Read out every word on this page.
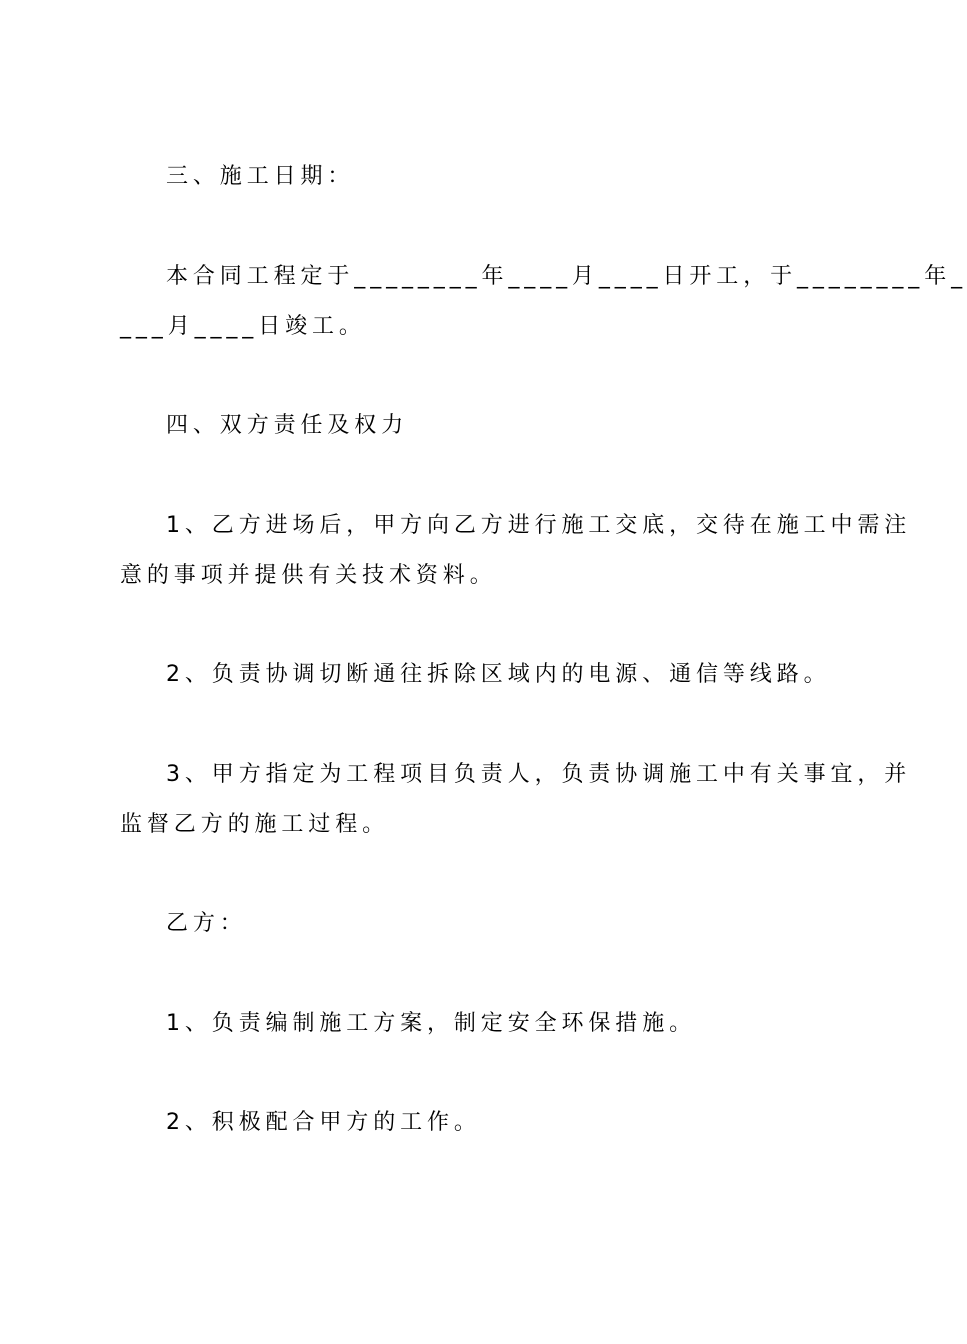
三、施工日期：
本合同工程定于________年____月____日开工，于________年_
___月____日竣工。
四、双方责任及权力
1、乙方进场后，甲方向乙方进行施工交底，交待在施工中需注
意的事项并提供有关技术资料。
2、负责协调切断通往拆除区域内的电源、通信等线路。
3、甲方指定为工程项目负责人，负责协调施工中有关事宜，并
监督乙方的施工过程。
乙方：
1、负责编制施工方案，制定安全环保措施。
2、积极配合甲方的工作。
